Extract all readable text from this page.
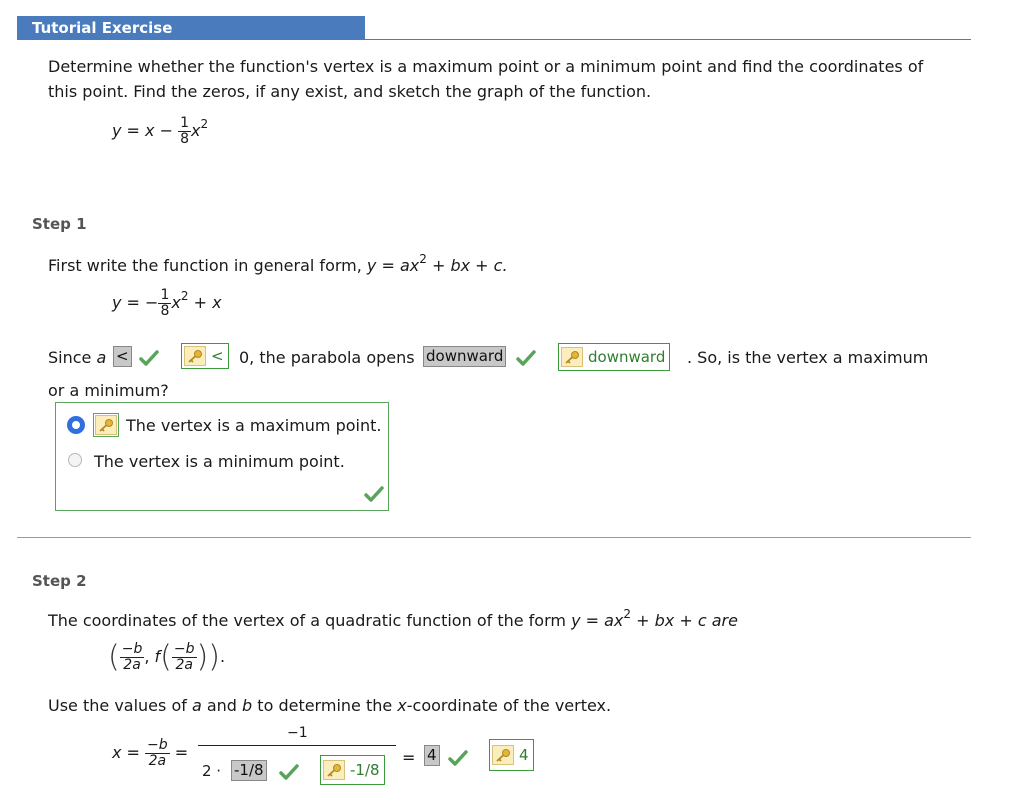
Tutorial Exercise
Determine whether the function's vertex is a maximum point or a minimum point and find the coordinates of
this point. Find the zeros, if any exist, and sketch the graph of the function.
$y = x - \frac{1}{8} x^2$
Step 1
First write the function in general form, $y = ax^2$ + bx + c.
y = − $\frac{1}{8} x^2 + x$
Since a <	< 0, the parabola opens downward	downward . So, is the vertex a maximum
or a minimum?
The vertex is a maximum point.
The vertex is a minimum point.
Step 2
The coordinates of the vertex of a quadratic function of the form $y = ax^2$ + bx + c are
( $\frac{-b}{2a}$ , $f( \frac{-b}{2a}$ )).
Use the values of a and b to determine the x-coordinate of the vertex.
$x = \frac{-b}{2a}$ =
−1
2 · -1/8	-1/8
= 4	4
